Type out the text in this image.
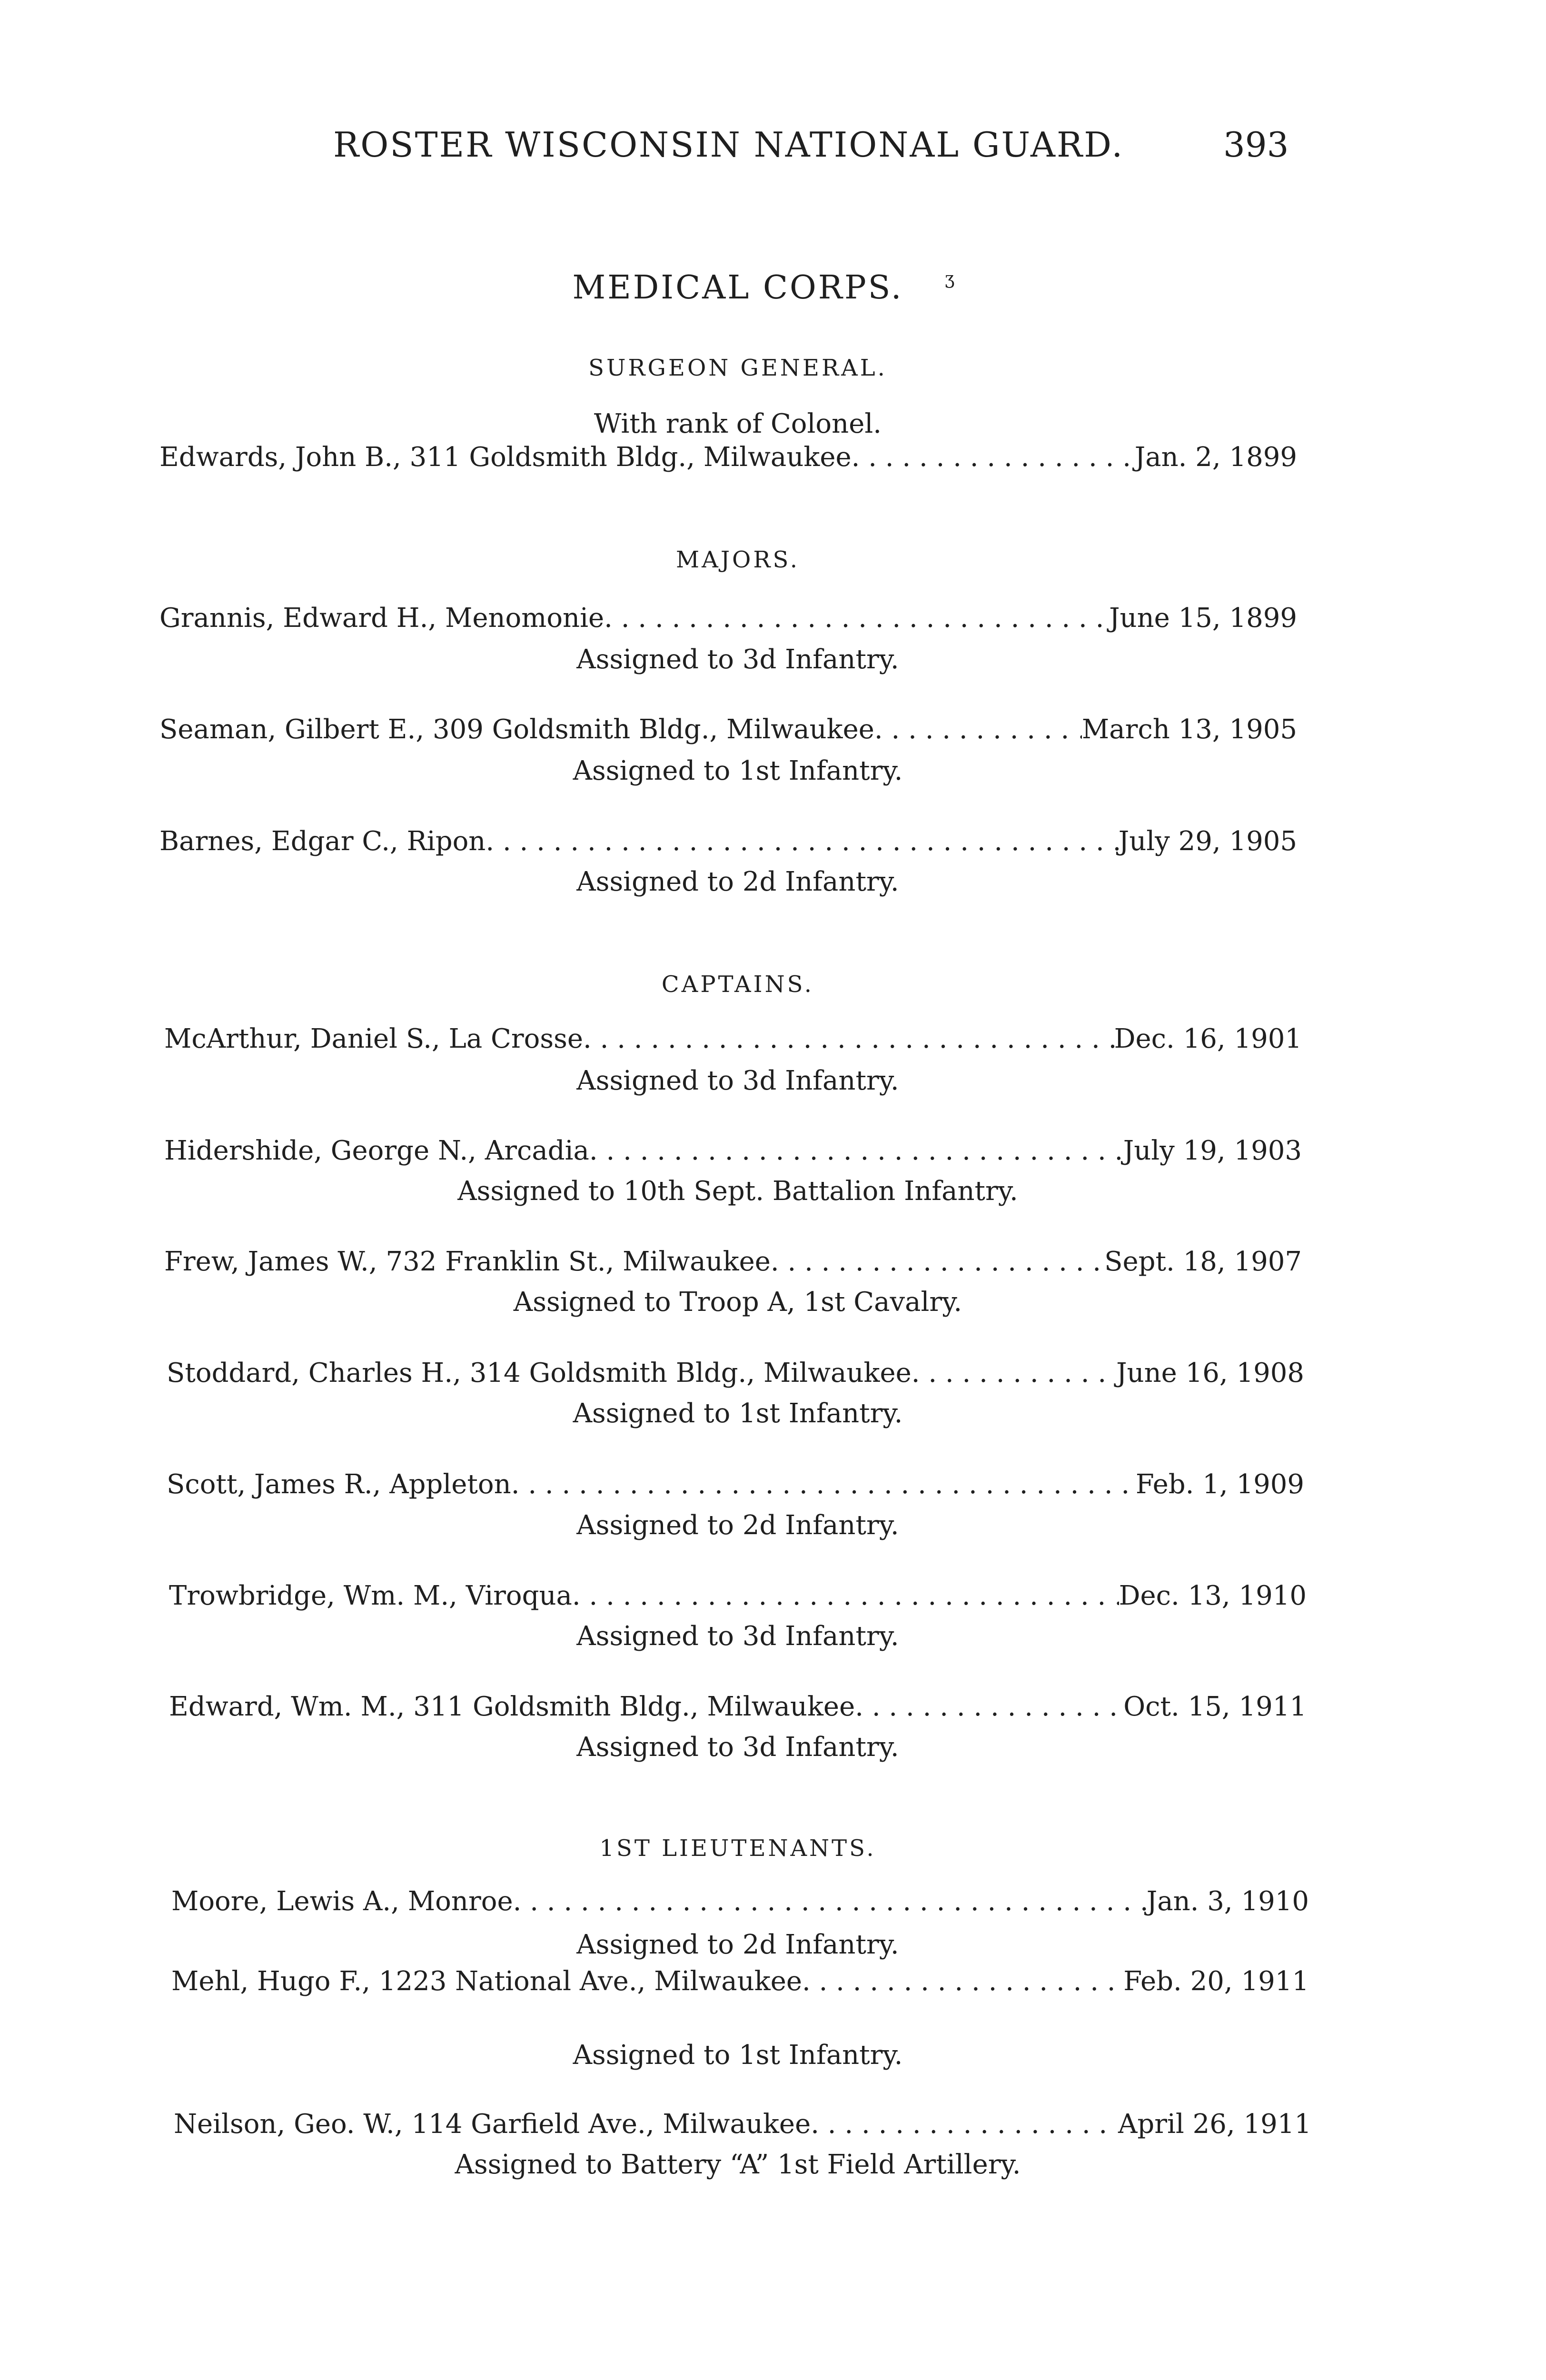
ROSTER WISCONSIN NATIONAL GUARD.	393
MEDICAL CORPS.	ʒ
SURGEON GENERAL.
With rank of Colonel.
Edwards, John B., 311 Goldsmith Bldg., Milwaukee . . .	Jan. 2, 1899
MAJORS.
Grannis, Edward H., Menomonie . . .	June 15, 1899
Assigned to 3d Infantry.
Seaman, Gilbert E., 309 Goldsmith Bldg., Milwaukee . . .	March 13, 1905
Assigned to 1st Infantry.
Barnes, Edgar C., Ripon . . .	July 29, 1905
Assigned to 2d Infantry.
CAPTAINS.
McArthur, Daniel S., La Crosse . . .	Dec. 16, 1901
Assigned to 3d Infantry.
Hidershide, George N., Arcadia . . .	July 19, 1903
Assigned to 10th Sept. Battalion Infantry.
Frew, James W., 732 Franklin St., Milwaukee . . .	Sept. 18, 1907
Assigned to Troop A, 1st Cavalry.
Stoddard, Charles H., 314 Goldsmith Bldg., Milwaukee . . .	June 16, 1908
Assigned to 1st Infantry.
Scott, James R., Appleton . . .	Feb. 1, 1909
Assigned to 2d Infantry.
Trowbridge, Wm. M., Viroqua . . .	Dec. 13, 1910
Assigned to 3d Infantry.
Edward, Wm. M., 311 Goldsmith Bldg., Milwaukee . . .	Oct. 15, 1911
Assigned to 3d Infantry.
1ST LIEUTENANTS.
Moore, Lewis A., Monroe . . .	Jan. 3, 1910
Assigned to 2d Infantry.
Mehl, Hugo F., 1223 National Ave., Milwaukee . . .	Feb. 20, 1911
Assigned to 1st Infantry.
Neilson, Geo. W., 114 Garfield Ave., Milwaukee . . .	April 26, 1911
Assigned to Battery “A” 1st Field Artillery.
